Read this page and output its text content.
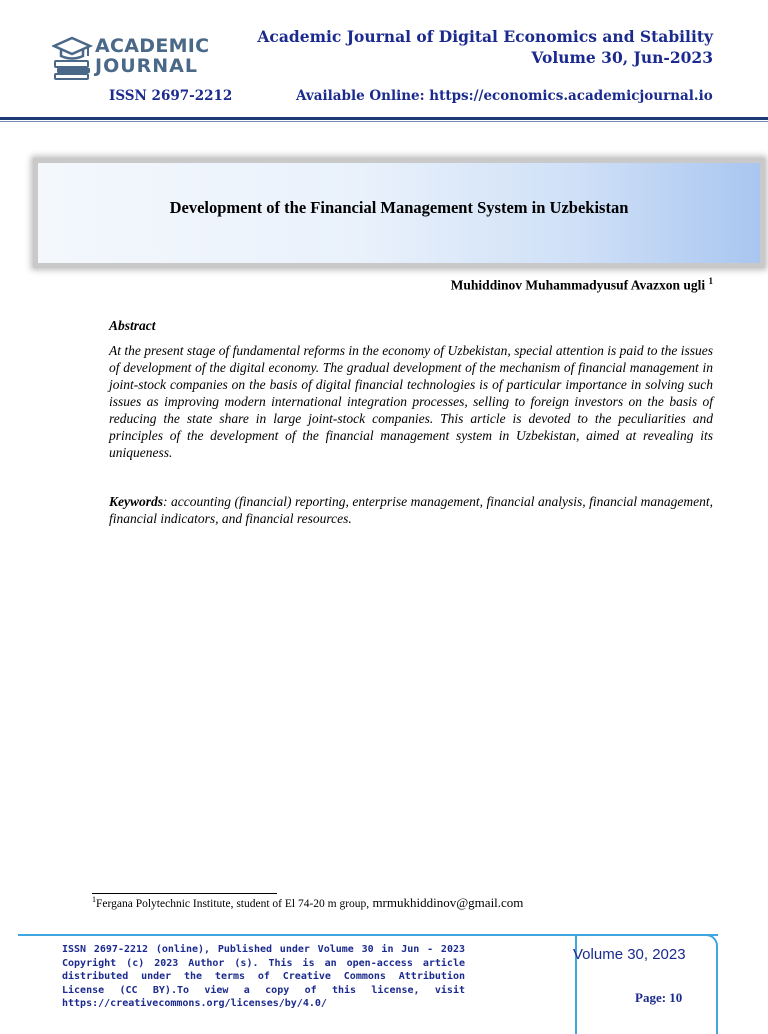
ACADEMIC
JOURNAL
Academic Journal of Digital Economics and Stability
Volume 30, Jun-2023
ISSN 2697-2212	Available Online: https://economics.academicjournal.io
Development of the Financial Management System in Uzbekistan
Muhiddinov Muhammadyusuf Avazxon ugli $^1$
Abstract
At the present stage of fundamental reforms in the economy of Uzbekistan, special attention is paid to the issues of development of the digital economy. The gradual development of the mechanism of financial management in joint-stock companies on the basis of digital financial technologies is of particular importance in solving such issues as improving modern international integration processes, selling to foreign investors on the basis of reducing the state share in large joint-stock companies. This article is devoted to the peculiarities and principles of the development of the financial management system in Uzbekistan, aimed at revealing its uniqueness.
Keywords: accounting (financial) reporting, enterprise management, financial analysis, financial management, financial indicators, and financial resources.
$^1$Fergana Polytechnic Institute, student of El 74-20 m group, mrmukhiddinov@gmail.com
ISSN 2697-2212 (online), Published under Volume 30 in Jun - 2023 Copyright (c) 2023 Author (s). This is an open-access article distributed under the terms of Creative Commons Attribution License (CC BY).To view a copy of this license, visit https://creativecommons.org/licenses/by/4.0/
Volume 30, 2023
Page: 10
